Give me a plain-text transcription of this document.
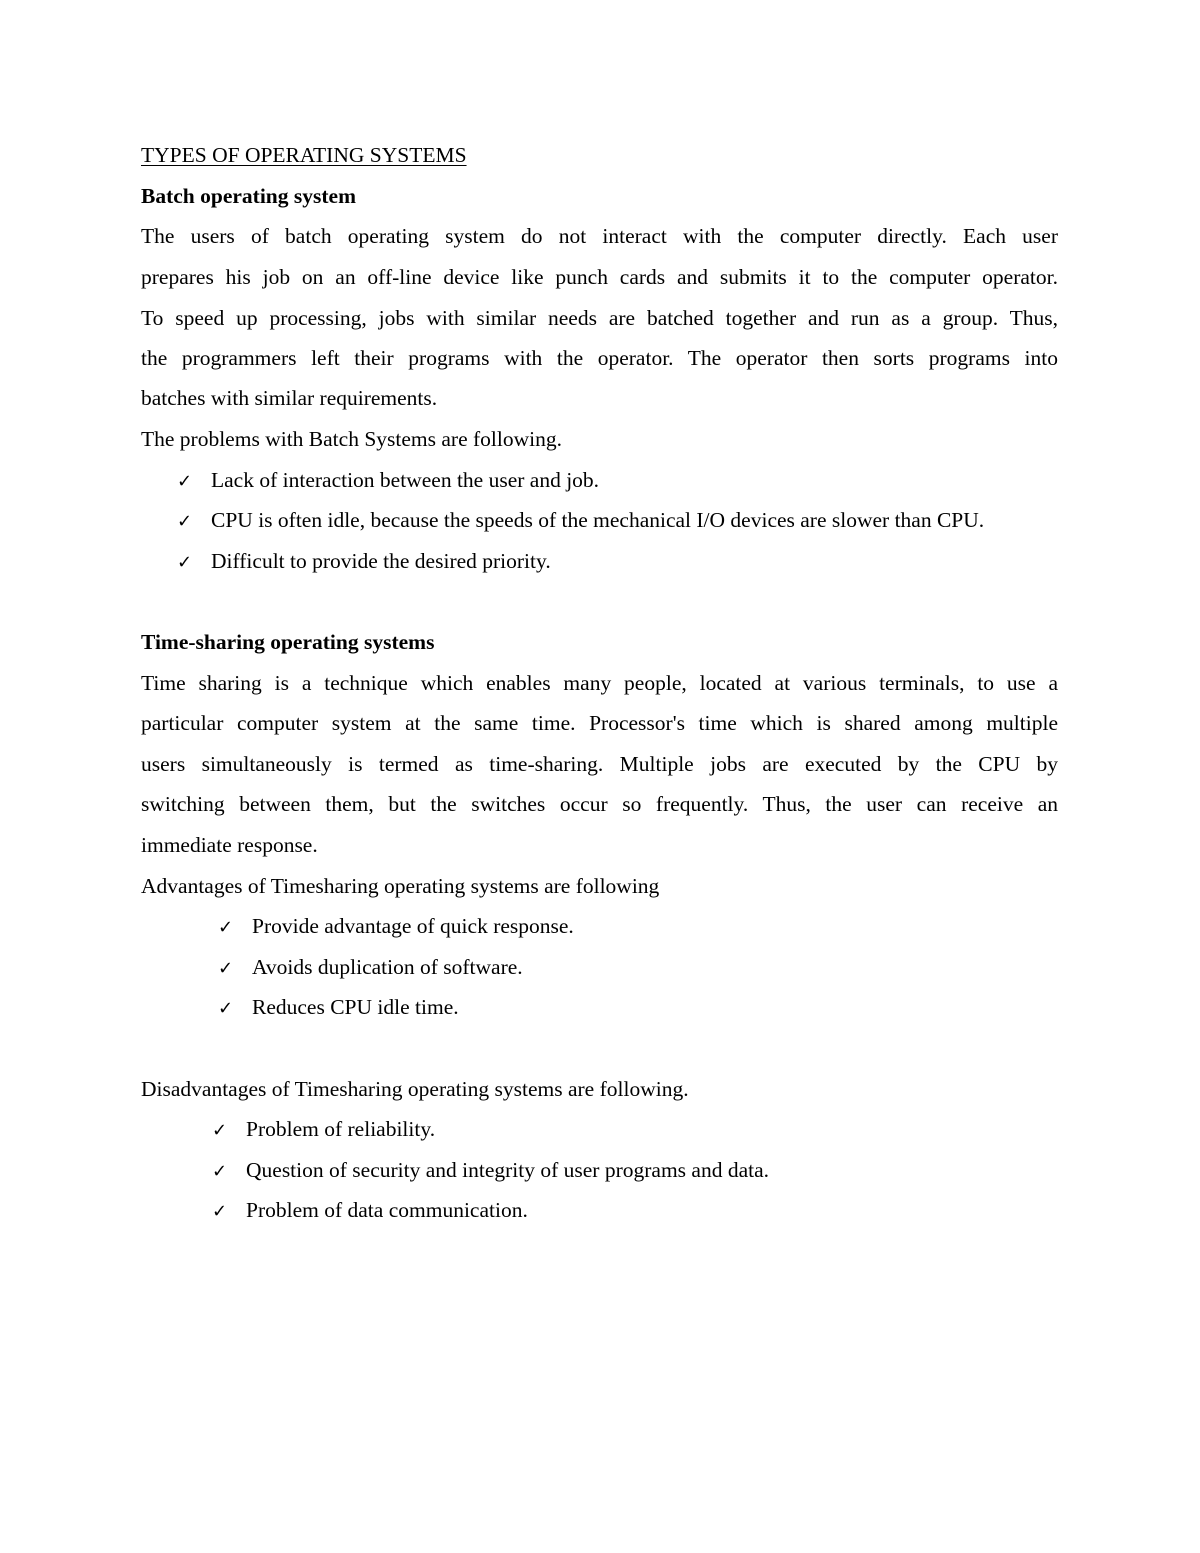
TYPES OF OPERATING SYSTEMS
Batch operating system
The users of batch operating system do not interact with the computer directly. Each user
prepares his job on an off-line device like punch cards and submits it to the computer operator.
To speed up processing, jobs with similar needs are batched together and run as a group. Thus,
the programmers left their programs with the operator. The operator then sorts programs into
batches with similar requirements.
The problems with Batch Systems are following.
✓ Lack of interaction between the user and job.
✓ CPU is often idle, because the speeds of the mechanical I/O devices are slower than CPU.
✓ Difficult to provide the desired priority.
Time-sharing operating systems
Time sharing is a technique which enables many people, located at various terminals, to use a
particular computer system at the same time. Processor's time which is shared among multiple
users simultaneously is termed as time-sharing. Multiple jobs are executed by the CPU by
switching between them, but the switches occur so frequently. Thus, the user can receive an
immediate response.
Advantages of Timesharing operating systems are following
✓ Provide advantage of quick response.
✓ Avoids duplication of software.
✓ Reduces CPU idle time.
Disadvantages of Timesharing operating systems are following.
✓ Problem of reliability.
✓ Question of security and integrity of user programs and data.
✓ Problem of data communication.
